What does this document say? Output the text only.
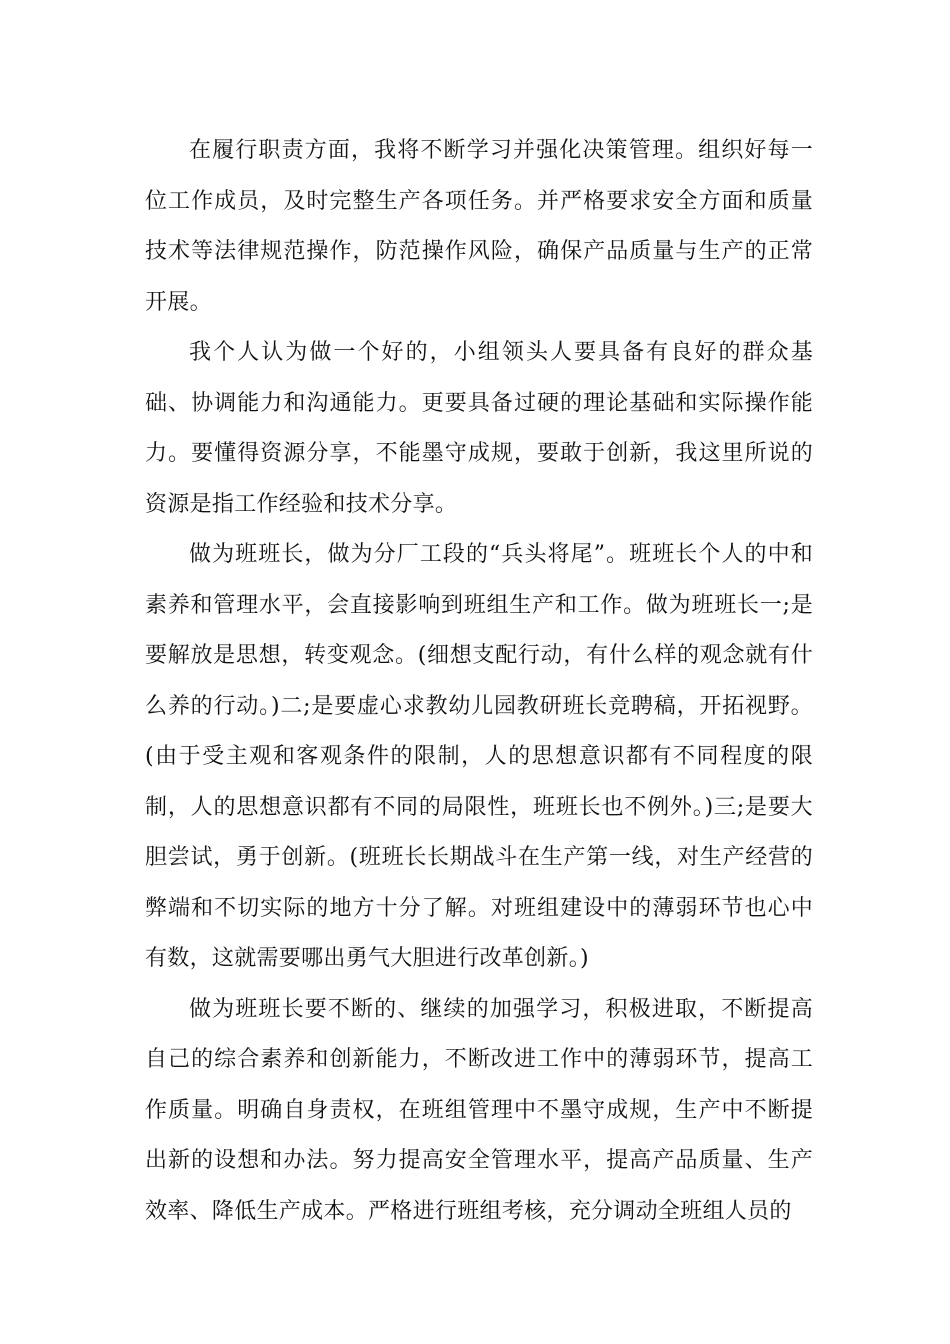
在履行职责方面，我将不断学习并强化决策管理。组织好每一位工作成员，及时完整生产各项任务。并严格要求安全方面和质量技术等法律规范操作，防范操作风险，确保产品质量与生产的正常开展。

我个人认为做一个好的，小组领头人要具备有良好的群众基础、协调能力和沟通能力。更要具备过硬的理论基础和实际操作能力。要懂得资源分享，不能墨守成规，要敢于创新，我这里所说的资源是指工作经验和技术分享。

做为班班长，做为分厂工段的“兵头将尾”。班班长个人的中和素养和管理水平，会直接影响到班组生产和工作。做为班班长一;是要解放是思想，转变观念。(细想支配行动，有什么样的观念就有什么养的行动。)二;是要虚心求教幼儿园教研班长竞聘稿，开拓视野。(由于受主观和客观条件的限制，人的思想意识都有不同程度的限制，人的思想意识都有不同的局限性，班班长也不例外。)三;是要大胆尝试，勇于创新。(班班长长期战斗在生产第一线，对生产经营的弊端和不切实际的地方十分了解。对班组建设中的薄弱环节也心中有数，这就需要哪出勇气大胆进行改革创新。)

做为班班长要不断的、继续的加强学习，积极进取，不断提高自己的综合素养和创新能力，不断改进工作中的薄弱环节，提高工作质量。明确自身责权，在班组管理中不墨守成规，生产中不断提出新的设想和办法。努力提高安全管理水平，提高产品质量、生产效率、降低生产成本。严格进行班组考核，充分调动全班组人员的
